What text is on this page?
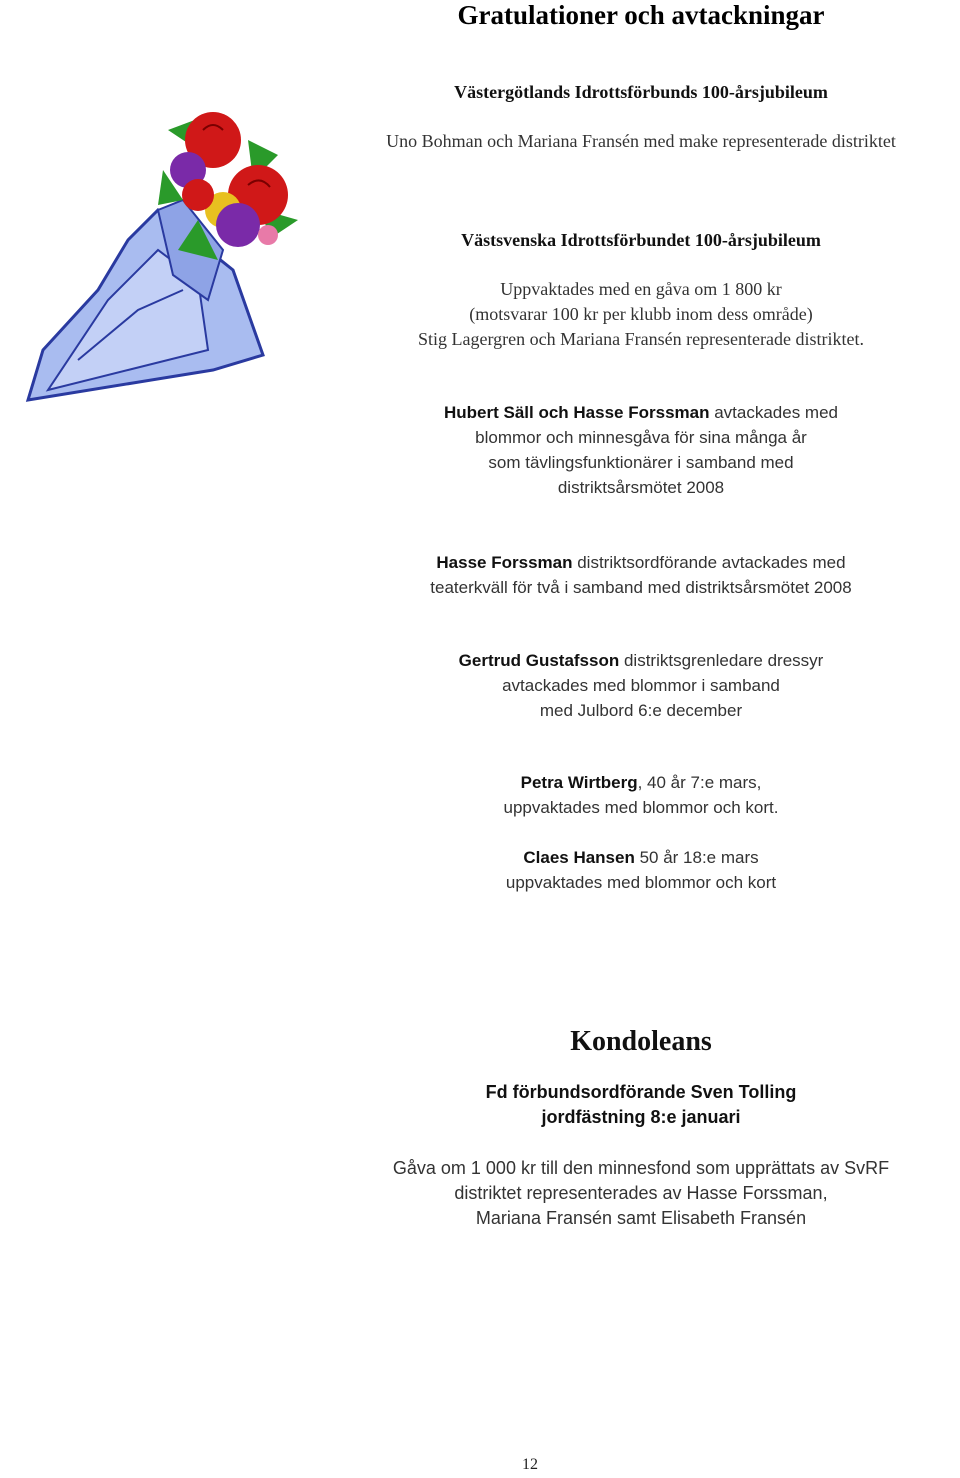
Gratulationer och avtackningar
Västergötlands Idrottsförbunds 100-årsjubileum
Uno Bohman och Mariana Fransén med make representerade distriktet
Västsvenska Idrottsförbundet 100-årsjubileum
Uppvaktades med en gåva om 1 800 kr
(motsvarar 100 kr per klubb inom dess område)
Stig Lagergren och Mariana Fransén representerade distriktet.
Hubert Säll och Hasse Forssman avtackades med
blommor och minnesgåva för sina många år
som tävlingsfunktionärer i samband med
distriktsårsmötet 2008
Hasse Forssman distriktsordförande avtackades med
teaterkväll för två i samband med distriktsårsmötet 2008
Gertrud Gustafsson distriktsgrenledare dressyr
avtackades med blommor i samband
med Julbord 6:e december
Petra Wirtberg, 40 år 7:e mars,
uppvaktades med blommor och kort.
Claes Hansen 50 år 18:e mars
uppvaktades med blommor och kort
Kondoleans
Fd förbundsordförande Sven Tolling
jordfästning 8:e januari
Gåva om 1 000 kr till den minnesfond som upprättats av SvRF
distriktet representerades av Hasse Forssman,
Mariana Fransén samt Elisabeth Fransén
12
